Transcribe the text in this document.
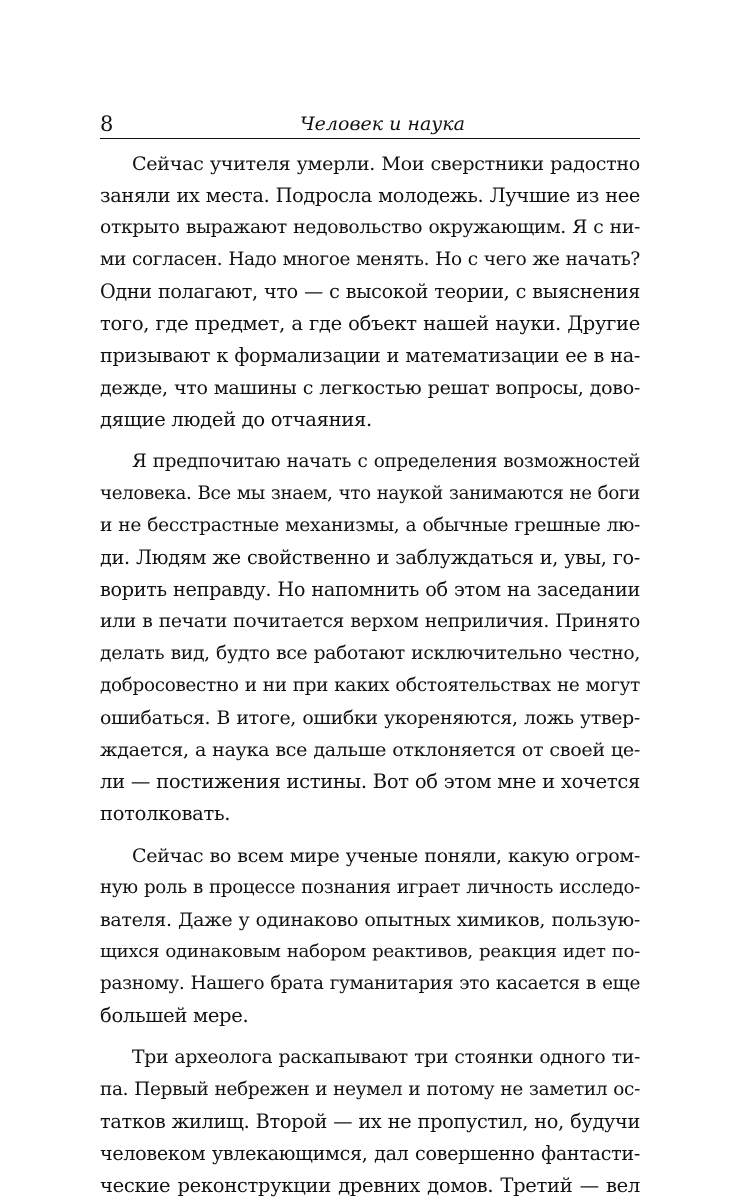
8	Человек и наука
Сейчас учителя умерли. Мои сверстники радостно
заняли их места. Подросла молодежь. Лучшие из нее
открыто выражают недовольство окружающим. Я с ни-
ми согласен. Надо многое менять. Но с чего же начать?
Одни полагают, что — с высокой теории, с выяснения
того, где предмет, а где объект нашей науки. Другие
призывают к формализации и математизации ее в на-
дежде, что машины с легкостью решат вопросы, дово-
дящие людей до отчаяния.
Я предпочитаю начать с определения возможностей
человека. Все мы знаем, что наукой занимаются не боги
и не бесстрастные механизмы, а обычные грешные лю-
ди. Людям же свойственно и заблуждаться и, увы, го-
ворить неправду. Но напомнить об этом на заседании
или в печати почитается верхом неприличия. Принято
делать вид, будто все работают исключительно честно,
добросовестно и ни при каких обстоятельствах не могут
ошибаться. В итоге, ошибки укореняются, ложь утвер-
ждается, а наука все дальше отклоняется от своей це-
ли — постижения истины. Вот об этом мне и хочется
потолковать.
Сейчас во всем мире ученые поняли, какую огром-
ную роль в процессе познания играет личность исследо-
вателя. Даже у одинаково опытных химиков, пользую-
щихся одинаковым набором реактивов, реакция идет по-
разному. Нашего брата гуманитария это касается в еще
большей мере.
Три археолога раскапывают три стоянки одного ти-
па. Первый небрежен и неумел и потому не заметил ос-
татков жилищ. Второй — их не пропустил, но, будучи
человеком увлекающимся, дал совершенно фантасти-
ческие реконструкции древних домов. Третий — вел
